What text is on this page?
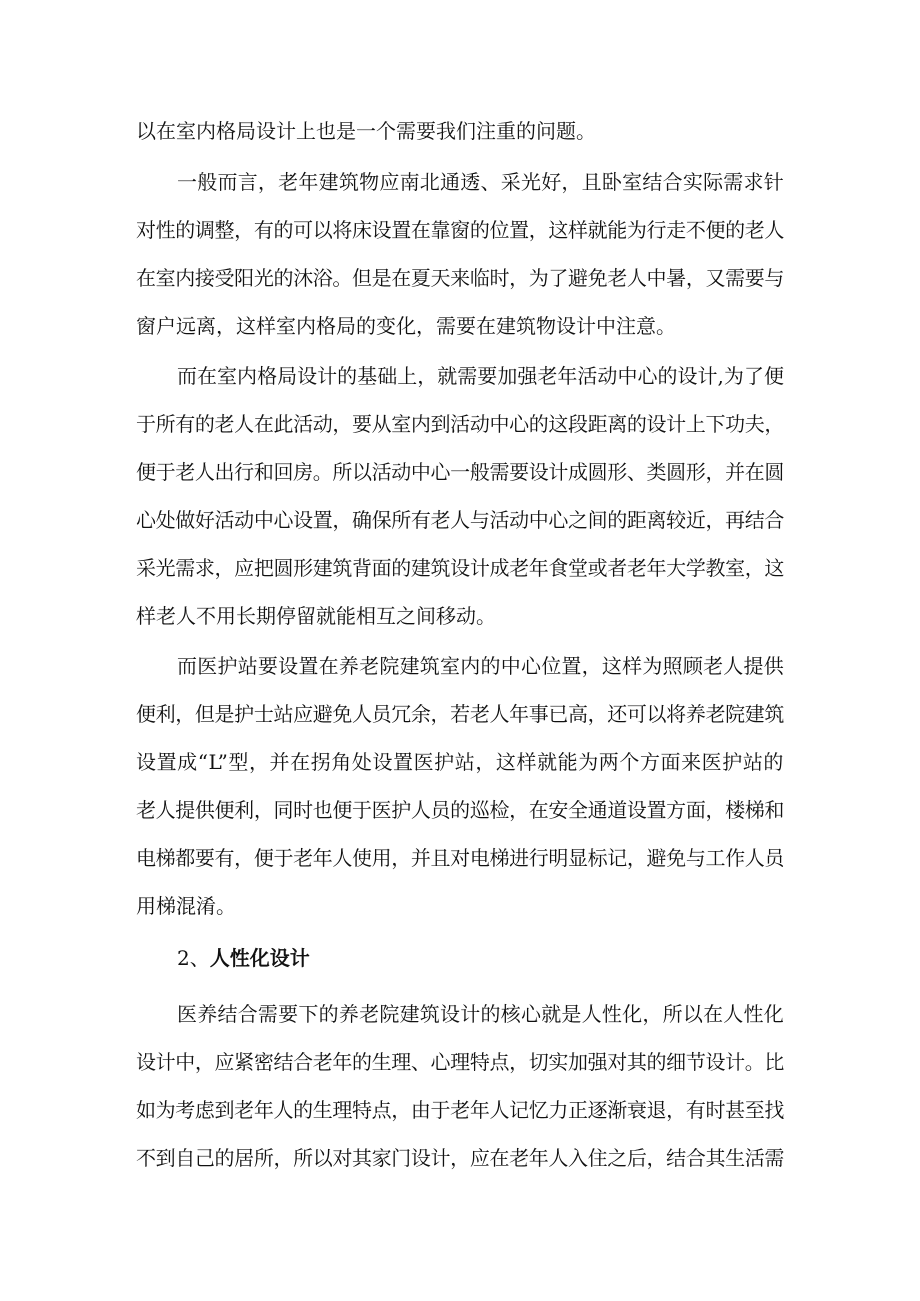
以在室内格局设计上也是一个需要我们注重的问题。
一般而言，老年建筑物应南北通透、采光好，且卧室结合实际需求针
对性的调整，有的可以将床设置在靠窗的位置，这样就能为行走不便的老人
在室内接受阳光的沐浴。但是在夏天来临时，为了避免老人中暑，又需要与
窗户远离，这样室内格局的变化，需要在建筑物设计中注意。
而在室内格局设计的基础上，就需要加强老年活动中心的设计,为了便
于所有的老人在此活动，要从室内到活动中心的这段距离的设计上下功夫，
便于老人出行和回房。所以活动中心一般需要设计成圆形、类圆形，并在圆
心处做好活动中心设置，确保所有老人与活动中心之间的距离较近，再结合
采光需求，应把圆形建筑背面的建筑设计成老年食堂或者老年大学教室，这
样老人不用长期停留就能相互之间移动。
而医护站要设置在养老院建筑室内的中心位置，这样为照顾老人提供
便利，但是护士站应避免人员冗余，若老人年事已高，还可以将养老院建筑
设置成“L”型，并在拐角处设置医护站，这样就能为两个方面来医护站的
老人提供便利，同时也便于医护人员的巡检，在安全通道设置方面，楼梯和
电梯都要有，便于老年人使用，并且对电梯进行明显标记，避免与工作人员
用梯混淆。
2、人性化设计
医养结合需要下的养老院建筑设计的核心就是人性化，所以在人性化
设计中，应紧密结合老年的生理、心理特点，切实加强对其的细节设计。比
如为考虑到老年人的生理特点，由于老年人记忆力正逐渐衰退，有时甚至找
不到自己的居所，所以对其家门设计，应在老年人入住之后，结合其生活需
